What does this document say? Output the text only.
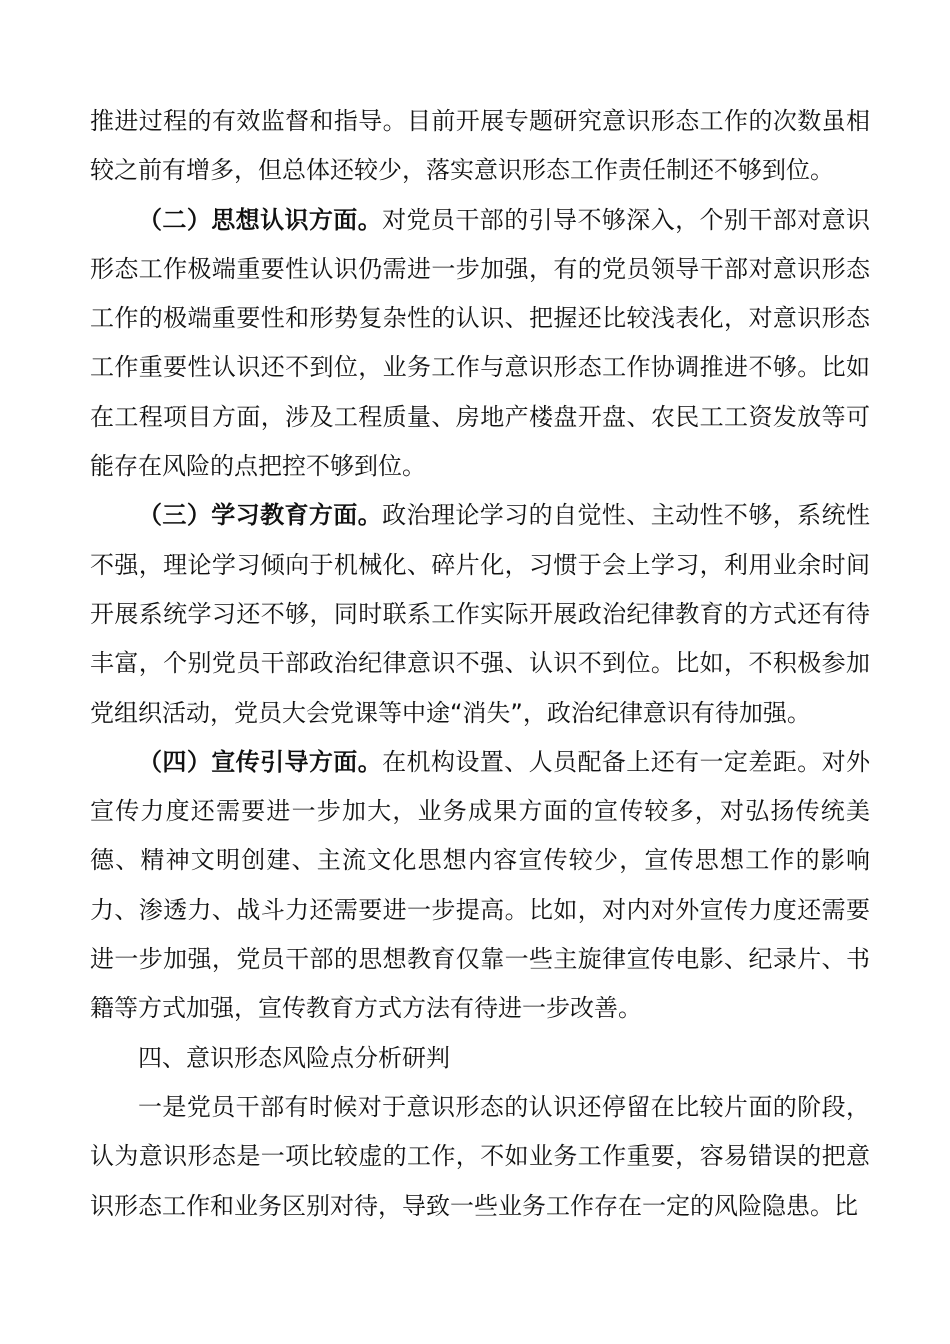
推进过程的有效监督和指导。目前开展专题研究意识形态工作的次数虽相较之前有增多，但总体还较少，落实意识形态工作责任制还不够到位。

（二）思想认识方面。对党员干部的引导不够深入，个别干部对意识形态工作极端重要性认识仍需进一步加强，有的党员领导干部对意识形态工作的极端重要性和形势复杂性的认识、把握还比较浅表化，对意识形态工作重要性认识还不到位，业务工作与意识形态工作协调推进不够。比如在工程项目方面，涉及工程质量、房地产楼盘开盘、农民工工资发放等可能存在风险的点把控不够到位。

（三）学习教育方面。政治理论学习的自觉性、主动性不够，系统性不强，理论学习倾向于机械化、碎片化，习惯于会上学习，利用业余时间开展系统学习还不够，同时联系工作实际开展政治纪律教育的方式还有待丰富，个别党员干部政治纪律意识不强、认识不到位。比如，不积极参加党组织活动，党员大会党课等中途“消失”，政治纪律意识有待加强。

（四）宣传引导方面。在机构设置、人员配备上还有一定差距。对外宣传力度还需要进一步加大，业务成果方面的宣传较多，对弘扬传统美德、精神文明创建、主流文化思想内容宣传较少，宣传思想工作的影响力、渗透力、战斗力还需要进一步提高。比如，对内对外宣传力度还需要进一步加强，党员干部的思想教育仅靠一些主旋律宣传电影、纪录片、书籍等方式加强，宣传教育方式方法有待进一步改善。

四、意识形态风险点分析研判

一是党员干部有时候对于意识形态的认识还停留在比较片面的阶段，认为意识形态是一项比较虚的工作，不如业务工作重要，容易错误的把意识形态工作和业务区别对待，导致一些业务工作存在一定的风险隐患。比
